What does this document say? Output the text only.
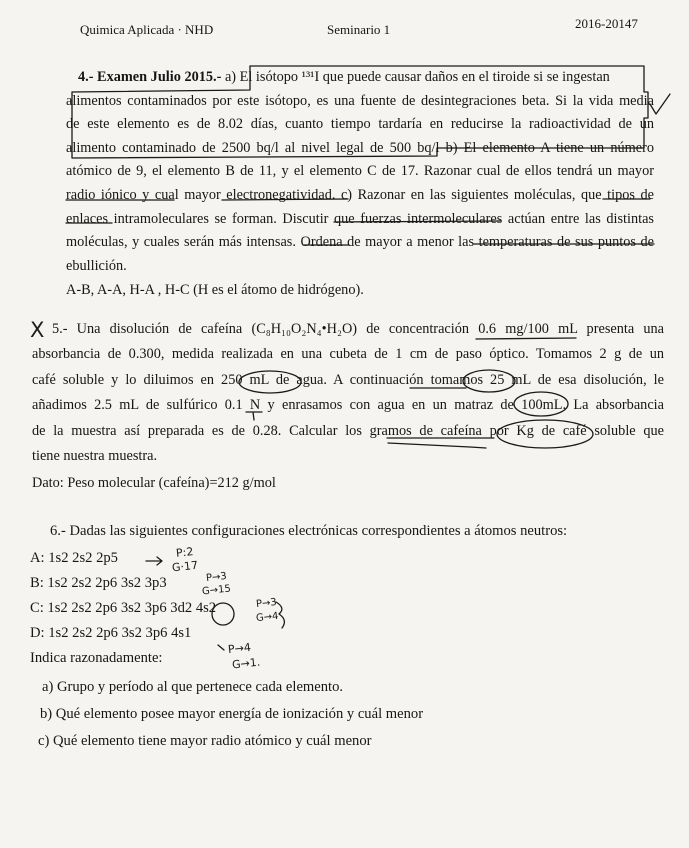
Quimica Aplicada · NHD	Seminario 1	2016-20147
4.- Examen Julio 2015.- a) El isótopo ¹³¹I que puede causar daños en el tiroide si se ingestan
alimentos contaminados por este isótopo, es una fuente de desintegraciones beta. Si la vida media
de este elemento es de 8.02 días, cuanto tiempo tardaría en reducirse la radioactividad de un
alimento contaminado de 2500 bq/l al nivel legal de 500 bq/l b) El elemento A tiene un número
atómico de 9, el elemento B de 11, y el elemento C de 17. Razonar cual de ellos tendrá un mayor
radio iónico y cual mayor electronegatividad. c) Razonar en las siguientes moléculas, que tipos de
enlaces intramoleculares se forman. Discutir que fuerzas intermoleculares actúan entre las distintas
moléculas, y cuales serán más intensas. Ordena de mayor a menor las temperaturas de sus puntos de
ebullición.
A-B, A-A, H-A , H-C (H es el átomo de hidrógeno).
X 5.- Una disolución de cafeína (C₈H₁₀O₂N₄•H₂O) de concentración 0.6 mg/100 mL presenta una
absorbancia de 0.300, medida realizada en una cubeta de 1 cm de paso óptico. Tomamos 2 g de un
café soluble y lo diluimos en 250 mL de agua. A continuación tomamos 25 mL de esa disolución, le
añadimos 2.5 mL de sulfúrico 0.1 N y enrasamos con agua en un matraz de 100mL. La absorbancia
de la muestra así preparada es de 0.28. Calcular los gramos de cafeína por Kg de café soluble que
tiene nuestra muestra.
Dato: Peso molecular (cafeína)=212 g/mol
6.- Dadas las siguientes configuraciones electrónicas correspondientes a átomos neutros:
A: 1s2 2s2 2p5
B: 1s2 2s2 2p6 3s2 3p3
C: 1s2 2s2 2p6 3s2 3p6 3d2 4s2
D: 1s2 2s2 2p6 3s2 3p6 4s1
Indica razonadamente:
a) Grupo y período al que pertenece cada elemento.
b) Qué elemento posee mayor energía de ionización y cuál menor
c) Qué elemento tiene mayor radio atómico y cuál menor
P:2
G·17
P→3
G→15
P→3
G→4
P→4
G→1.
